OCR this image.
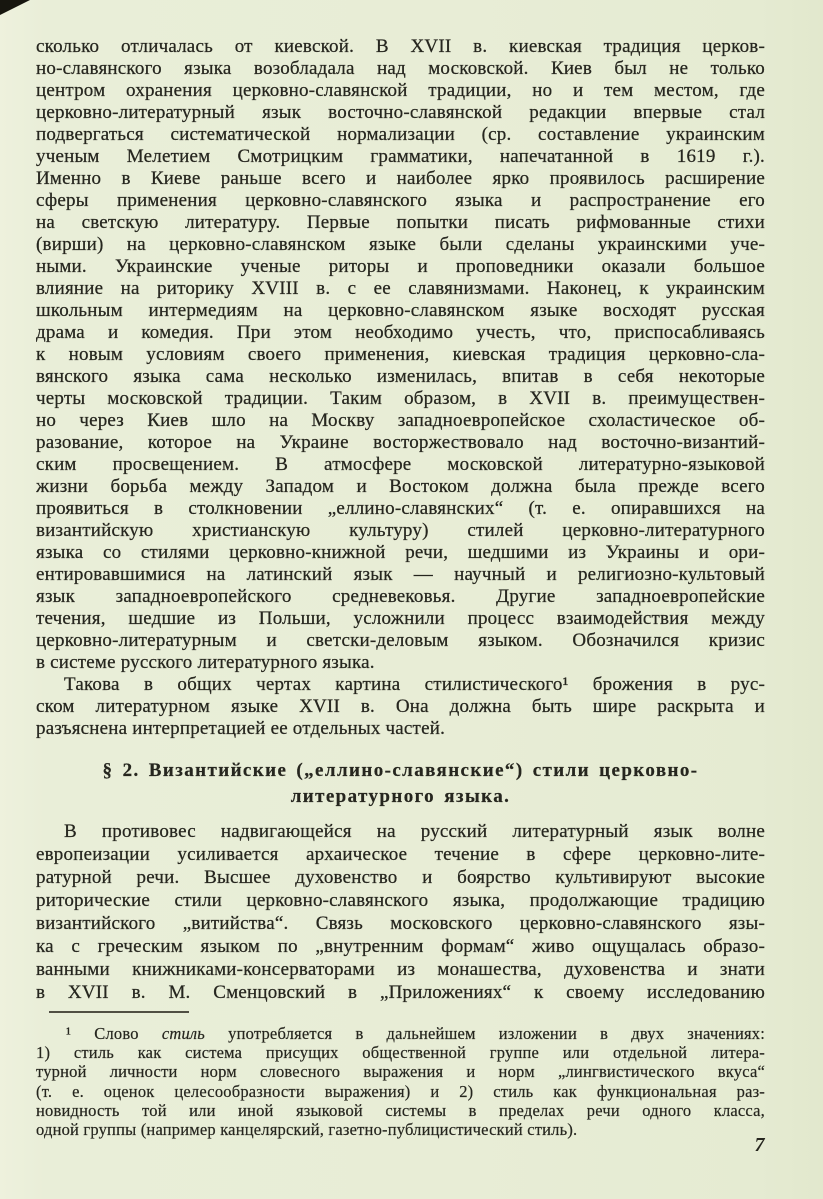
сколько отличалась от киевской. В XVII в. киевская традиция церков-
но-славянского языка возобладала над московской. Киев был не только
центром охранения церковно-славянской традиции, но и тем местом, где
церковно-литературный язык восточно-славянской редакции впервые стал
подвергаться систематической нормализации (ср. составление украинским
ученым Мелетием Смотрицким грамматики, напечатанной в 1619 г.).
Именно в Киеве раньше всего и наиболее ярко проявилось расширение
сферы применения церковно-славянского языка и распространение его
на светскую литературу. Первые попытки писать рифмованные стихи
(вирши) на церковно-славянском языке были сделаны украинскими уче-
ными. Украинские ученые риторы и проповедники оказали большое
влияние на риторику XVIII в. с ее славянизмами. Наконец, к украинским
школьным интермедиям на церковно-славянском языке восходят русская
драма и комедия. При этом необходимо учесть, что, приспосабливаясь
к новым условиям своего применения, киевская традиция церковно-сла-
вянского языка сама несколько изменилась, впитав в себя некоторые
черты московской традиции. Таким образом, в XVII в. преимуществен-
но через Киев шло на Москву западноевропейское схоластическое об-
разование, которое на Украине восторжествовало над восточно-византий-
ским просвещением. В атмосфере московской литературно-языковой
жизни борьба между Западом и Востоком должна была прежде всего
проявиться в столкновении „еллино-славянских“ (т. е. опиравшихся на
византийскую христианскую культуру) стилей церковно-литературного
языка со стилями церковно-книжной речи, шедшими из Украины и ори-
ентировавшимися на латинский язык — научный и религиозно-культовый
язык западноевропейского средневековья. Другие западноевропейские
течения, шедшие из Польши, усложнили процесс взаимодействия между
церковно-литературным и светски-деловым языком. Обозначился кризис
в системе русского литературного языка.
Такова в общих чертах картина стилистического¹ брожения в рус-
ском литературном языке XVII в. Она должна быть шире раскрыта и
разъяснена интерпретацией ее отдельных частей.
§ 2. Византийские („еллино-славянские“) стили церковно-
литературного языка.
В противовес надвигающейся на русский литературный язык волне
европеизации усиливается архаическое течение в сфере церковно-лите-
ратурной речи. Высшее духовенство и боярство культивируют высокие
риторические стили церковно-славянского языка, продолжающие традицию
византийского „витийства“. Связь московского церковно-славянского язы-
ка с греческим языком по „внутренним формам“ живо ощущалась образо-
ванными книжниками-консерваторами из монашества, духовенства и знати
в XVII в. М. Сменцовский в „Приложениях“ к своему исследованию
¹ Слово стиль употребляется в дальнейшем изложении в двух значениях:
1) стиль как система присущих общественной группе или отдельной литера-
турной личности норм словесного выражения и норм „лингвистического вкуса“
(т. е. оценок целесообразности выражения) и 2) стиль как функциональная раз-
новидность той или иной языковой системы в пределах речи одного класса,
одной группы (например канцелярский, газетно-публицистический стиль).
7
